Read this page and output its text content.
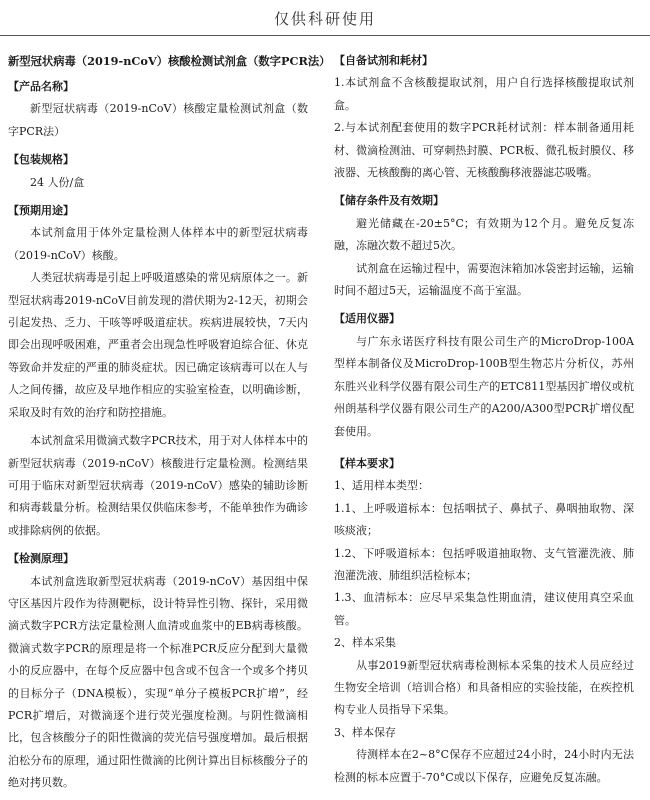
仅供科研使用

新型冠状病毒（2019-nCoV）核酸检测试剂盒（数字PCR法）

【产品名称】

新型冠状病毒（2019-nCoV）核酸定量检测试剂盒（数字PCR法）

【包装规格】

24 人份/盒

【预期用途】

本试剂盒用于体外定量检测人体样本中的新型冠状病毒（2019-nCoV）核酸。

人类冠状病毒是引起上呼吸道感染的常见病原体之一。新型冠状病毒2019-nCoV目前发现的潜伏期为2-12天，初期会引起发热、乏力、干咳等呼吸道症状。疾病进展较快，7天内即会出现呼吸困难，严重者会出现急性呼吸窘迫综合征、休克等致命并发症的严重的肺炎症状。因已确定该病毒可以在人与人之间传播，故应及早地作相应的实验室检查，以明确诊断，采取及时有效的治疗和防控措施。

本试剂盒采用微滴式数字PCR技术，用于对人体样本中的新型冠状病毒（2019-nCoV）核酸进行定量检测。检测结果可用于临床对新型冠状病毒（2019-nCoV）感染的辅助诊断和病毒载量分析。检测结果仅供临床参考，不能单独作为确诊或排除病例的依据。

【检测原理】

本试剂盒选取新型冠状病毒（2019-nCoV）基因组中保守区基因片段作为待测靶标，设计特异性引物、探针，采用微滴式数字PCR方法定量检测人血清或血浆中的EB病毒核酸。微滴式数字PCR的原理是将一个标准PCR反应分配到大量微小的反应器中，在每个反应器中包含或不包含一个或多个拷贝的目标分子（DNA模板），实现“单分子模板PCR扩增”，经PCR扩增后，对微滴逐个进行荧光强度检测。与阴性微滴相比，包含核酸分子的阳性微滴的荧光信号强度增加。最后根据泊松分布的原理，通过阳性微滴的比例计算出目标核酸分子的绝对拷贝数。

【自备试剂和耗材】

1.本试剂盒不含核酸提取试剂，用户自行选择核酸提取试剂盒。

2.与本试剂配套使用的数字PCR耗材试剂：样本制备通用耗材、微滴检测油、可穿刺热封膜、PCR板、微孔板封膜仪、移液器、无核酸酶的离心管、无核酸酶移液器滤芯吸嘴。

【储存条件及有效期】

避光储藏在-20±5°C；有效期为12个月。避免反复冻融，冻融次数不超过5次。

试剂盒在运输过程中，需要泡沫箱加冰袋密封运输，运输时间不超过5天，运输温度不高于室温。

【适用仪器】

与广东永诺医疗科技有限公司生产的MicroDrop-100A型样本制备仪及MicroDrop-100B型生物芯片分析仪，苏州东胜兴业科学仪器有限公司生产的ETC811型基因扩增仪或杭州朗基科学仪器有限公司生产的A200/A300型PCR扩增仪配套使用。

【样本要求】

1、适用样本类型：

1.1、上呼吸道标本：包括咽拭子、鼻拭子、鼻咽抽取物、深咳痰液；

1.2、下呼吸道标本：包括呼吸道抽取物、支气管灌洗液、肺泡灌洗液、肺组织活检标本；

1.3、血清标本：应尽早采集急性期血清，建议使用真空采血管。

2、样本采集

从事2019新型冠状病毒检测标本采集的技术人员应经过生物安全培训（培训合格）和具备相应的实验技能，在疾控机构专业人员指导下采集。

3、样本保存

待测样本在2~8°C保存不应超过24小时，24小时内无法检测的标本应置于-70°C或以下保存，应避免反复冻融。
